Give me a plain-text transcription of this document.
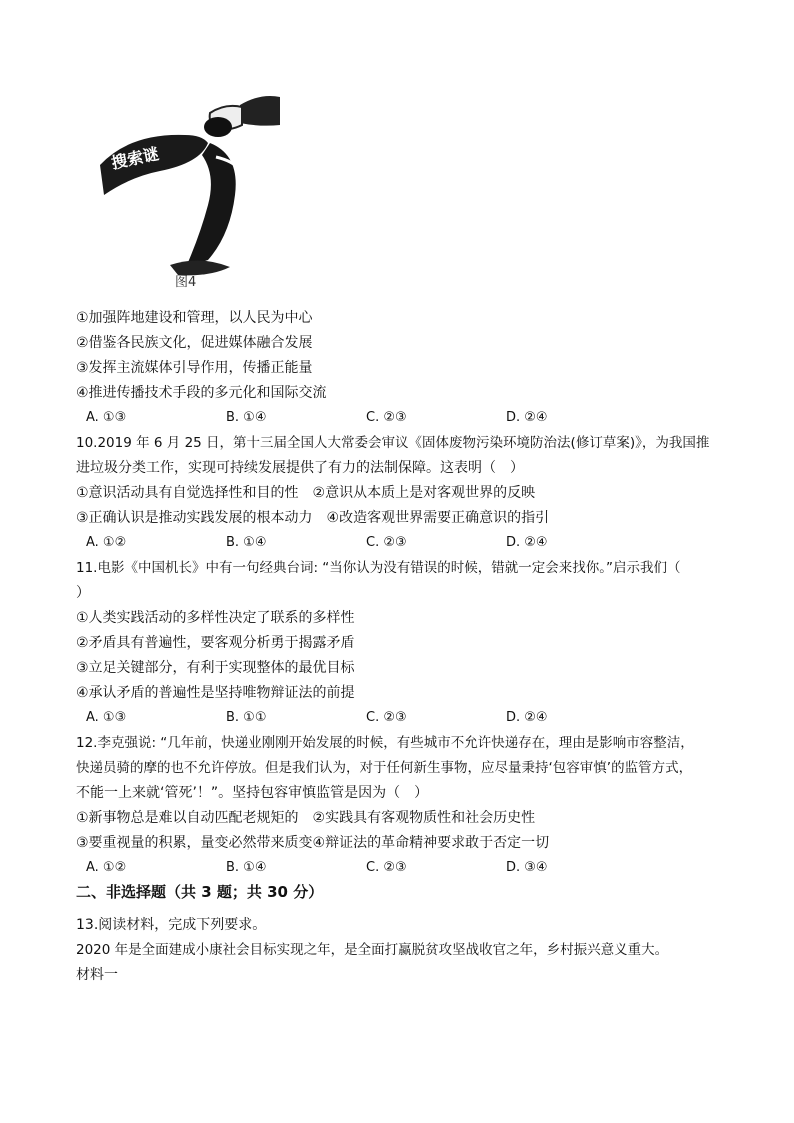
搜索谜
图4
①加强阵地建设和管理，以人民为中心
②借鉴各民族文化，促进媒体融合发展
③发挥主流媒体引导作用，传播正能量
④推进传播技术手段的多元化和国际交流
A. ①③	B. ①④	C. ②③	D. ②④
10.2019 年 6 月 25 日，第十三届全国人大常委会审议《固体废物污染环境防治法(修订草案)》，为我国推
进垃圾分类工作，实现可持续发展提供了有力的法制保障。这表明（　）
①意识活动具有自觉选择性和目的性　②意识从本质上是对客观世界的反映
③正确认识是推动实践发展的根本动力　④改造客观世界需要正确意识的指引
A. ①②	B. ①④	C. ②③	D. ②④
11.电影《中国机长》中有一句经典台词: “当你认为没有错误的时候，错就一定会来找你。”启示我们（
）
①人类实践活动的多样性决定了联系的多样性
②矛盾具有普遍性，要客观分析勇于揭露矛盾
③立足关键部分，有利于实现整体的最优目标
④承认矛盾的普遍性是坚持唯物辩证法的前提
A. ①③	B. ①①	C. ②③	D. ②④
12.李克强说: “几年前，快递业刚刚开始发展的时候，有些城市不允许快递存在，理由是影响市容整洁，
快递员骑的摩的也不允许停放。但是我们认为，对于任何新生事物，应尽量秉持‘包容审慎’的监管方式，
不能一上来就‘管死’！”。坚持包容审慎监管是因为（　）
①新事物总是难以自动匹配老规矩的　②实践具有客观物质性和社会历史性
③要重视量的积累，量变必然带来质变④辩证法的革命精神要求敢于否定一切
A. ①②	B. ①④	C. ②③	D. ③④
二、非选择题（共 3 题；共 30 分）
13.阅读材料，完成下列要求。
2020 年是全面建成小康社会目标实现之年，是全面打赢脱贫攻坚战收官之年，乡村振兴意义重大。
材料一
